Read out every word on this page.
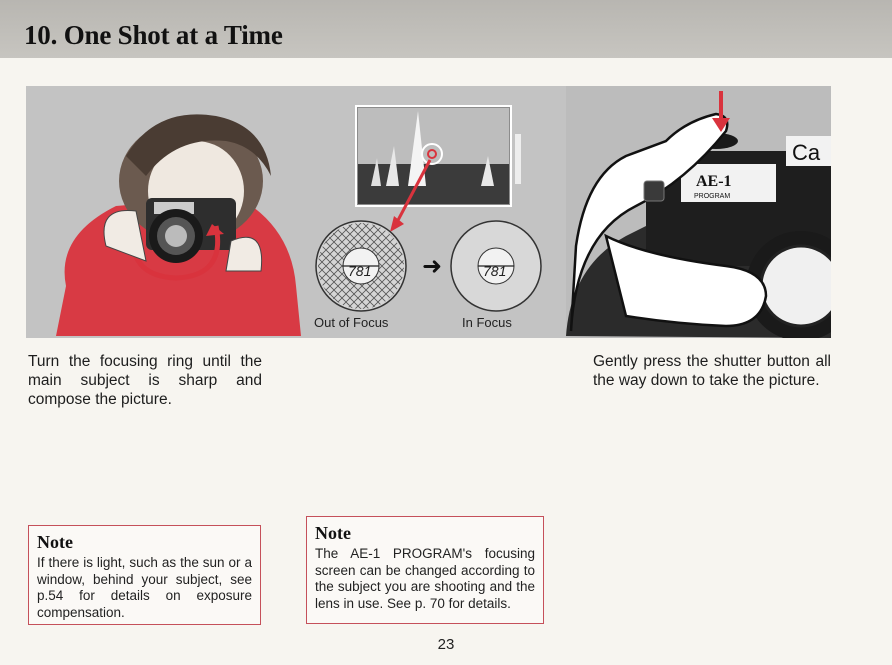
10. One Shot at a Time
781 ➜	781
AE-1
PROGRAM
Ca
Out of Focus	In Focus

Turn the focusing ring until the main subject is sharp and compose the picture.

Gently press the shutter button all the way down to take the picture.

Note

If there is light, such as the sun or a window, behind your subject, see p.54 for details on exposure compensation.

Note

The AE-1 PROGRAM's focusing screen can be changed according to the subject you are shooting and the lens in use. See p. 70 for details.

23
